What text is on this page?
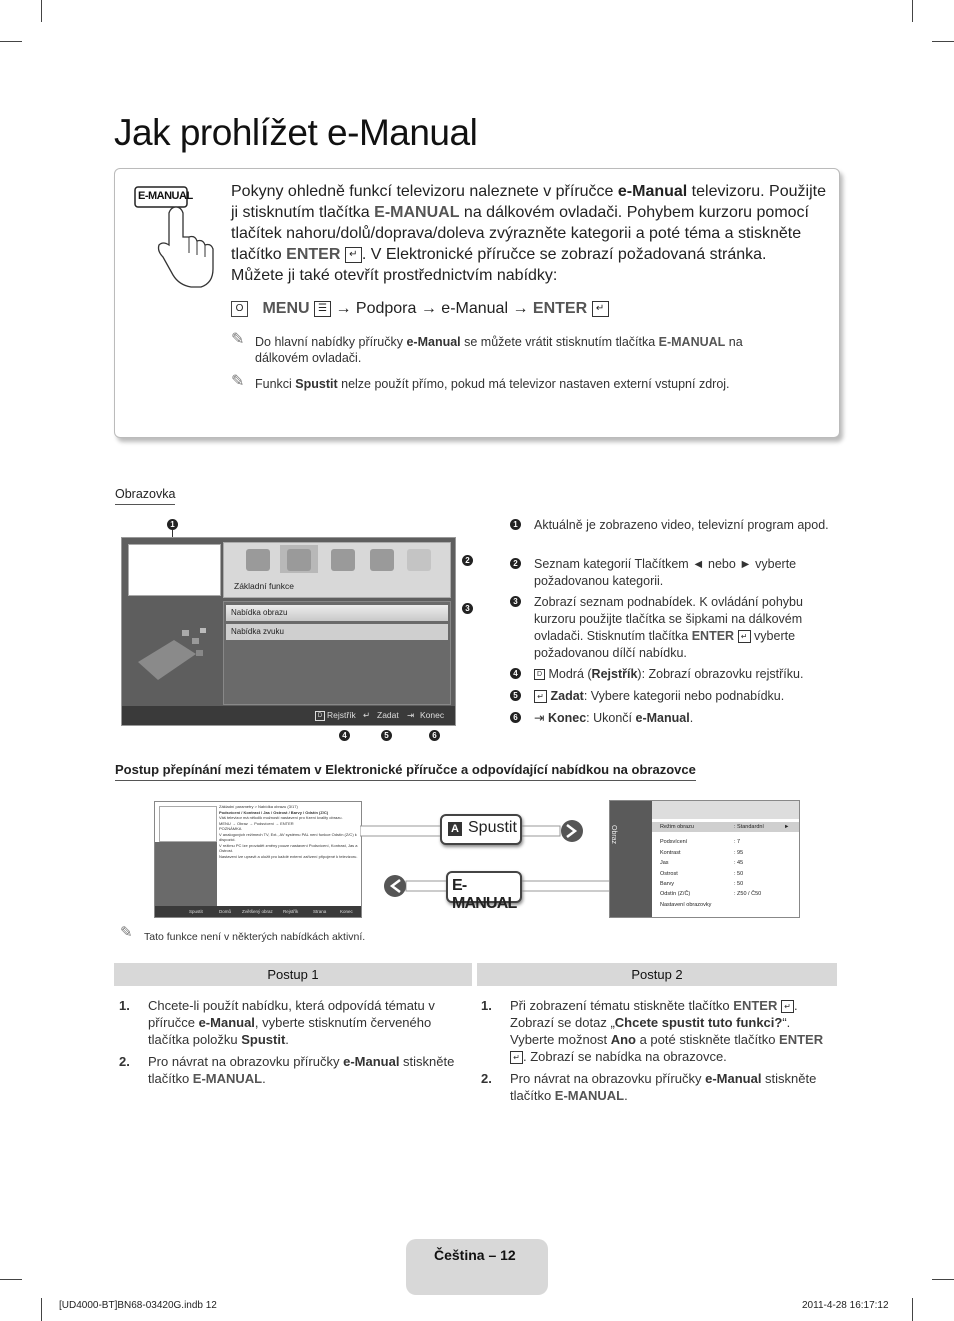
Jak prohlížet e-Manual
E-MANUAL Pokyny ohledně funkcí televizoru naleznete v příručce e-Manual televizoru. Použijte ji stisknutím tlačítka E-MANUAL na dálkovém ovladači. Pohybem kurzoru pomocí tlačítek nahoru/dolů/doprava/doleva zvýrazněte kategorii a poté téma a stiskněte tlačítko ENTER ↵ . V Elektronické příručce se zobrazí požadovaná stránka.
Můžete ji také otevřít prostřednictvím nabídky:
O MENU ☰ → Podpora → e-Manual → ENTER ↵
✎ Do hlavní nabídky příručky e-Manual se můžete vrátit stisknutím tlačítka E-MANUAL na dálkovém ovladači.
✎ Funkci Spustit nelze použít přímo, pokud má televizor nastaven externí vstupní zdroj.
Obrazovka
1
Základní funkce
Nabídka obrazu
Nabídka zvuku
D Rejstřík ↵ Zadat ⇥ Konec
2
3
4	5	6
1 Aktuálně je zobrazeno video, televizní program apod.
2 Seznam kategorií Tlačítkem ◄ nebo ► vyberte požadovanou kategorii.
3 Zobrazí seznam podnabídek. K ovládání pohybu kurzoru použijte tlačítka se šipkami na dálkovém ovladači. Stisknutím tlačítka ENTER ↵ vyberte požadovanou dílčí nabídku.
4	D Modrá (Rejstřík): Zobrazí obrazovku rejstříku.
5	↵ Zadat: Vybere kategorii nebo podnabídku.
6 ⇥ Konec: Ukončí e-Manual.
Postup přepínání mezi tématem v Elektronické příručce a odpovídající nabídkou na obrazovce
Základní parametry > Nabídka obrazu (3/17)
Podsvícení / Kontrast / Jas / Ostrost / Barvy / Odstín (Z/C)
Váš televizor má několik možností nastavení pro řízení kvality obrazu.
MENU → Obraz → Podsvícení → ENTER
POZNÁMKA
V analogových režimech TV, Ext., AV systému PAL není funkce Odstín (Z/C) k dispozici.
V režimu PC lze provádět změny pouze nastavení Podsvícení, Kontrast, Jas a Ostrost.
Nastavení lze upravit a uložit pro každé externí zařízení připojené k televizoru.
Spustit	Domů Zvětšený obraz Rejstřík	Strana	Konec
A Spustit
E-MANUAL
Obraz	Režim obrazu	: Standardní	►
Podsvícení	: 7
Kontrast	: 95
Jas	: 45
Ostrost	: 50
Barvy	: 50
Odstín (Z/Č)	: Z50 / Č50
Nastavení obrazovky
✎ Tato funkce není v některých nabídkách aktivní.
Postup 1	Postup 2
1. Chcete-li použít nabídku, která odpovídá tématu v příručce e-Manual, vyberte stisknutím červeného tlačítka položku Spustit.
2. Pro návrat na obrazovku příručky e-Manual stiskněte tlačítko E-MANUAL.
1. Při zobrazení tématu stiskněte tlačítko ENTER ↵ . Zobrazí se dotaz „Chcete spustit tuto funkci?“. Vyberte možnost Ano a poté stiskněte tlačítko ENTER ↵ . Zobrazí se nabídka na obrazovce.
2. Pro návrat na obrazovku příručky e-Manual stiskněte tlačítko E-MANUAL.
Čeština – 12
[UD4000-BT]BN68-03420G.indb 12	2011-4-28 16:17:12
